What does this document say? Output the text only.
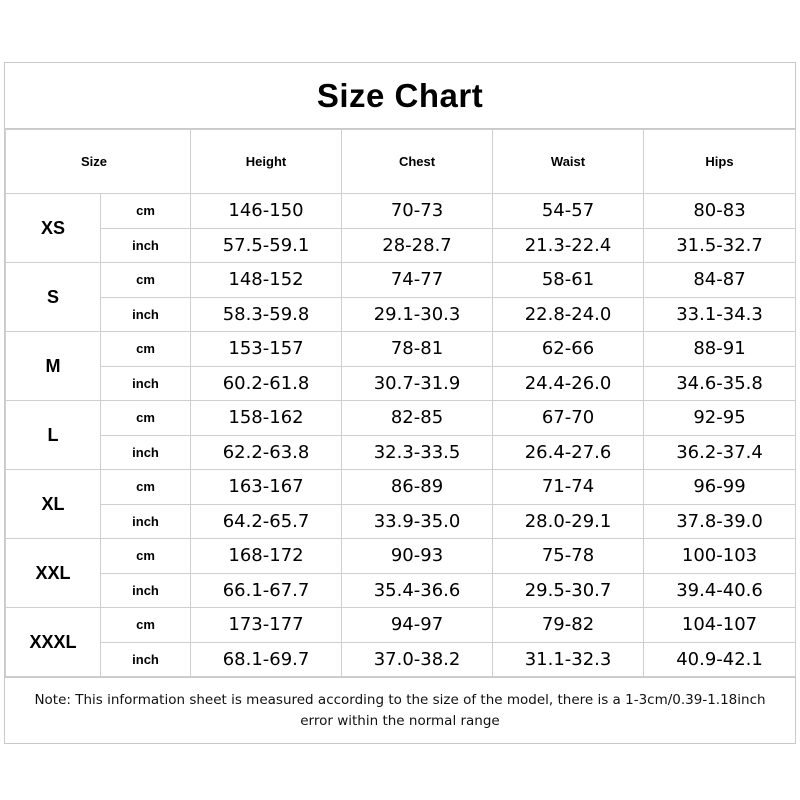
Size Chart
Size		Height	Chest	Waist	Hips
XS	cm	146-150	70-73	54-57	80-83
	inch	57.5-59.1	28-28.7	21.3-22.4	31.5-32.7
S	cm	148-152	74-77	58-61	84-87
	inch	58.3-59.8	29.1-30.3	22.8-24.0	33.1-34.3
M	cm	153-157	78-81	62-66	88-91
	inch	60.2-61.8	30.7-31.9	24.4-26.0	34.6-35.8
L	cm	158-162	82-85	67-70	92-95
	inch	62.2-63.8	32.3-33.5	26.4-27.6	36.2-37.4
XL	cm	163-167	86-89	71-74	96-99
	inch	64.2-65.7	33.9-35.0	28.0-29.1	37.8-39.0
XXL	cm	168-172	90-93	75-78	100-103
	inch	66.1-67.7	35.4-36.6	29.5-30.7	39.4-40.6
XXXL	cm	173-177	94-97	79-82	104-107
	inch	68.1-69.7	37.0-38.2	31.1-32.3	40.9-42.1
Note: This information sheet is measured according to the size of the model, there is a 1-3cm/0.39-1.18inch error within the normal range
